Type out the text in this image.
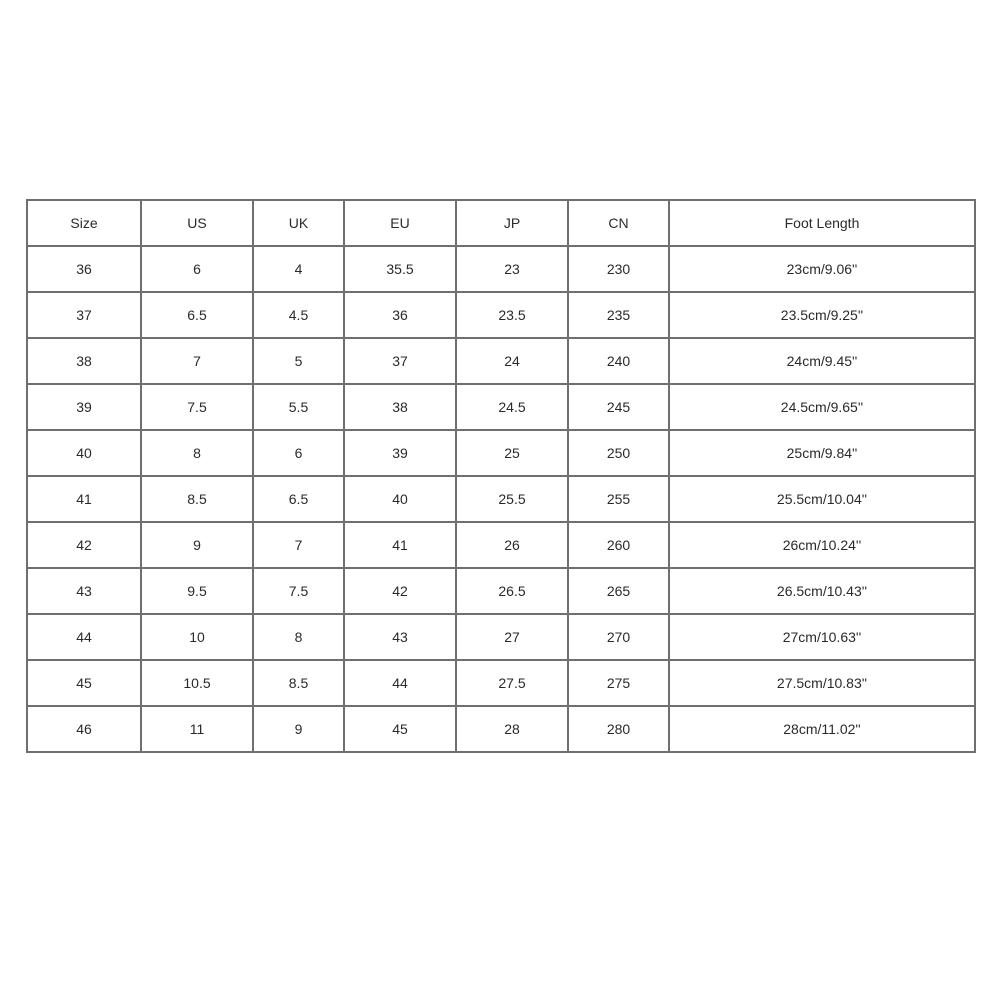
Size	US	UK	EU	JP	CN	Foot Length
36	6	4	35.5	23	230	23cm/9.06''
37	6.5	4.5	36	23.5	235	23.5cm/9.25''
38	7	5	37	24	240	24cm/9.45''
39	7.5	5.5	38	24.5	245	24.5cm/9.65''
40	8	6	39	25	250	25cm/9.84''
41	8.5	6.5	40	25.5	255	25.5cm/10.04''
42	9	7	41	26	260	26cm/10.24''
43	9.5	7.5	42	26.5	265	26.5cm/10.43''
44	10	8	43	27	270	27cm/10.63''
45	10.5	8.5	44	27.5	275	27.5cm/10.83''
46	11	9	45	28	280	28cm/11.02''
